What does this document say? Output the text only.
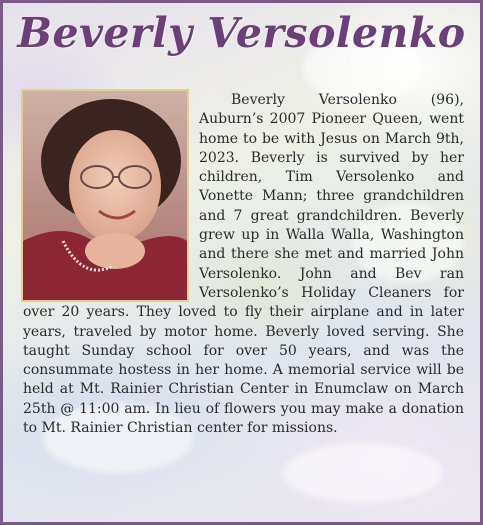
Beverly Versolenko

Beverly Versolenko (96), Auburn’s 2007 Pioneer Queen, went home to be with Jesus on March 9th, 2023. Beverly is survived by her children, Tim Versolenko and Vonette Mann; three grandchildren and 7 great grandchildren. Beverly grew up in Walla Walla, Washington and there she met and married John Versolenko. John and Bev ran Versolenko’s Holiday Cleaners for over 20 years. They loved to fly their airplane and in later years, traveled by motor home. Beverly loved serving. She taught Sunday school for over 50 years, and was the consummate hostess in her home. A memorial service will be held at Mt. Rainier Christian Center in Enumclaw on March 25th @ 11:00 am. In lieu of flowers you may make a donation to Mt. Rainier Christian center for missions.
